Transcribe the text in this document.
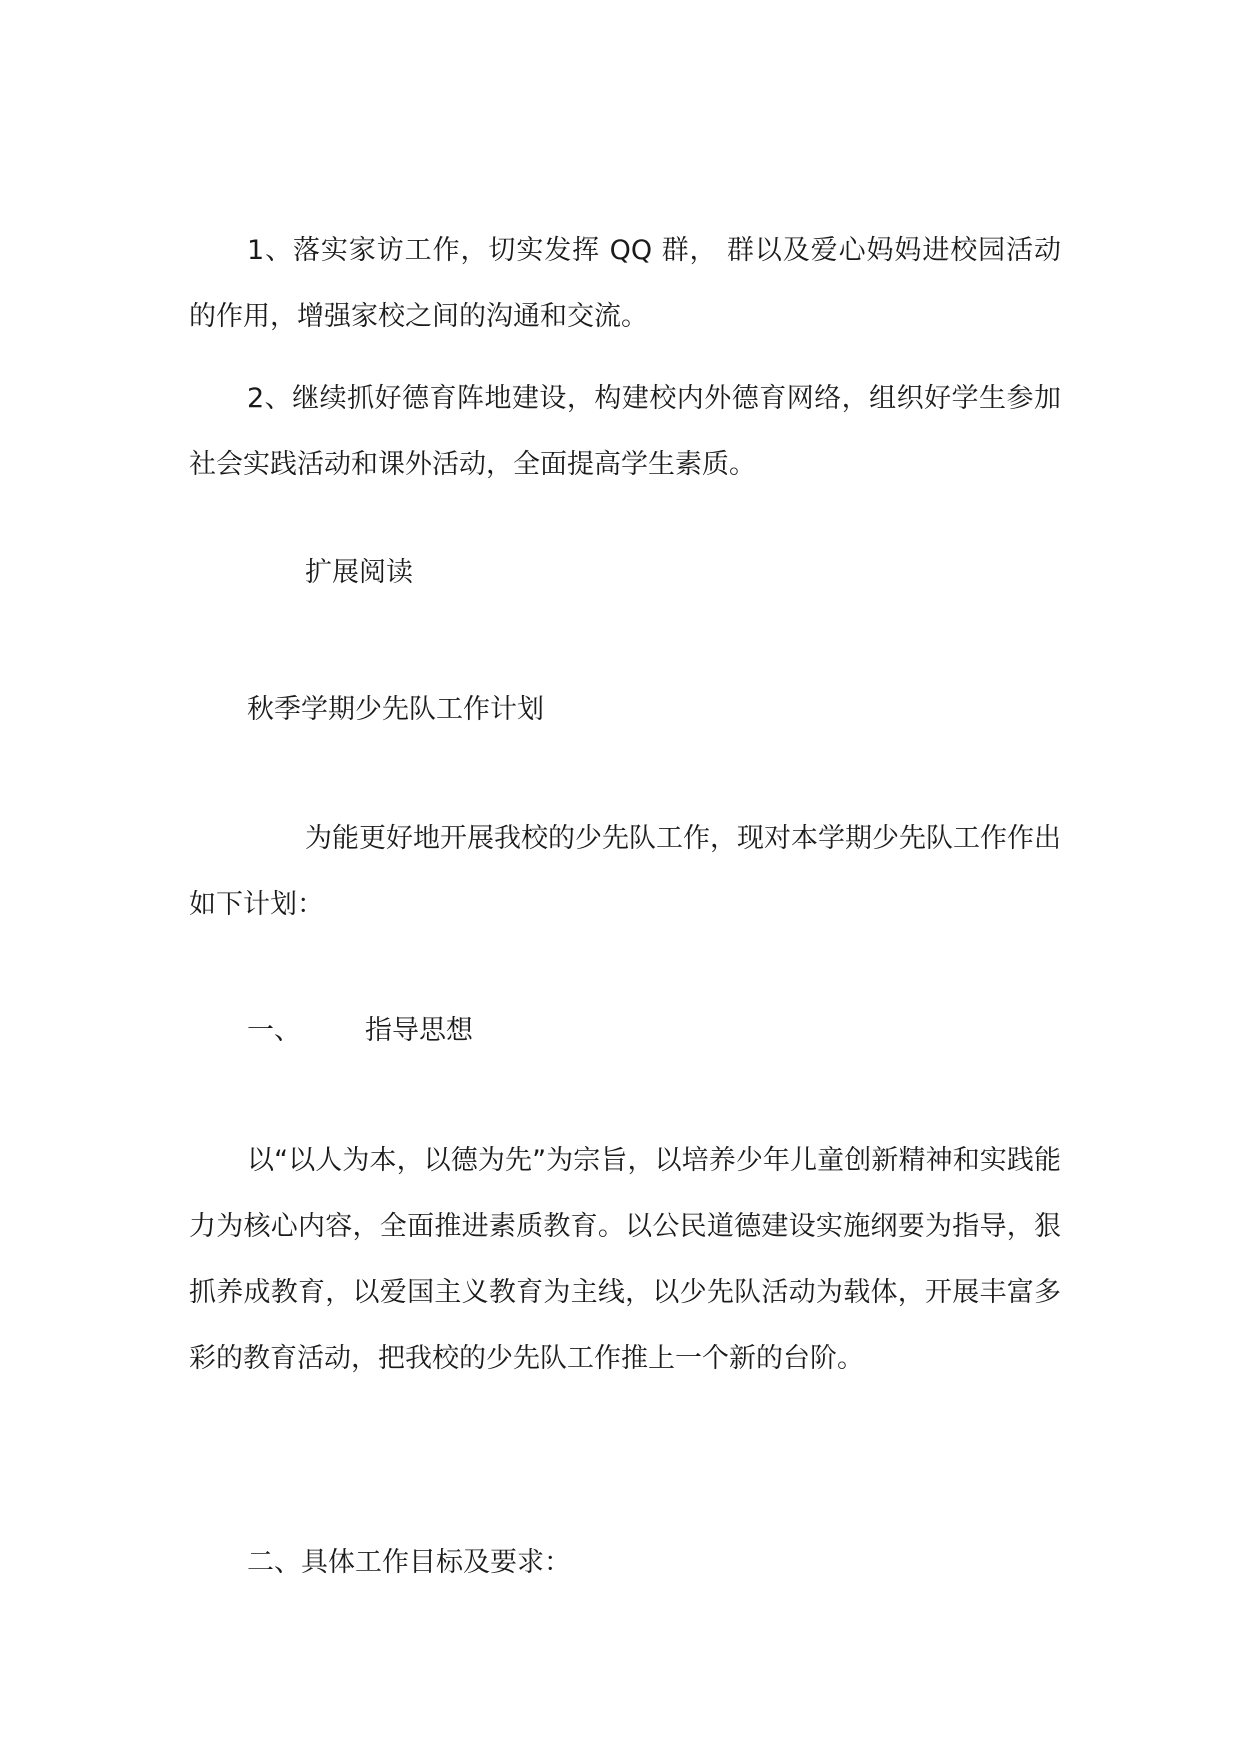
1、落实家访工作，切实发挥 QQ 群， 群以及爱心妈妈进校园活动的作用，增强家校之间的沟通和交流。

2、继续抓好德育阵地建设，构建校内外德育网络，组织好学生参加社会实践活动和课外活动，全面提高学生素质。

扩展阅读
秋季学期少先队工作计划

为能更好地开展我校的少先队工作，现对本学期少先队工作作出如下计划：

一、 指导思想

以“以人为本，以德为先”为宗旨，以培养少年儿童创新精神和实践能力为核心内容，全面推进素质教育。以公民道德建设实施纲要为指导，狠抓养成教育，以爱国主义教育为主线，以少先队活动为载体，开展丰富多彩的教育活动，把我校的少先队工作推上一个新的台阶。

二、具体工作目标及要求：
